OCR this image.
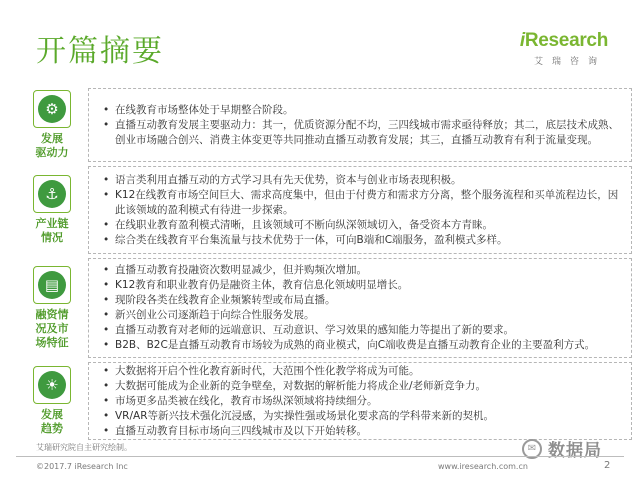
开篇摘要	iResearch
艾瑞咨询
⚙
发展
驱动力
• 在线教育市场整体处于早期整合阶段。
• 直播互动教育发展主要驱动力：其一，优质资源分配不均，三四线城市需求亟待释放；其二，底层技术成熟、创业市场融合创兴、消费主体变更等共同推动直播互动教育发展；其三，直播互动教育有利于流量变现。
⚓
产业链
情况
• 语言类利用直播互动的方式学习具有先天优势，资本与创业市场表现积极。
• K12在线教育市场空间巨大、需求高度集中，但由于付费方和需求方分离，整个服务流程和买单流程边长，因此该领域的盈利模式有待进一步探索。
• 在线职业教育盈利模式清晰，且该领域可不断向纵深领域切入，备受资本方青睐。
• 综合类在线教育平台集流量与技术优势于一体，可向B端和C端服务，盈利模式多样。
▤
融资情
况及市
场特征
• 直播互动教育投融资次数明显减少，但并购频次增加。
• K12教育和职业教育仍是融资主体，教育信息化领域明显增长。
• 现阶段各类在线教育企业频繁转型或布局直播。
• 新兴创业公司逐渐趋于向综合性服务发展。
• 直播互动教育对老师的远端意识、互动意识、学习效果的感知能力等提出了新的要求。
• B2B、B2C是直播互动教育市场较为成熟的商业模式，向C端收费是直播互动教育企业的主要盈利方式。
☀
发展
趋势
• 大数据将开启个性化教育新时代，大范围个性化教学将成为可能。
• 大数据可能成为企业新的竞争壁垒，对数据的解析能力将成企业/老师新竞争力。
• 市场更多品类被在线化，教育市场纵深领域将持续细分。
• VR/AR等新兴技术强化沉浸感，为实操性强或场景化要求高的学科带来新的契机。
• 直播互动教育目标市场向三四线城市及以下开始转移。
艾瑞研究院自主研究绘制。	✉ 数据局
©2017.7 iResearch Inc	www.iresearch.com.cn	2
